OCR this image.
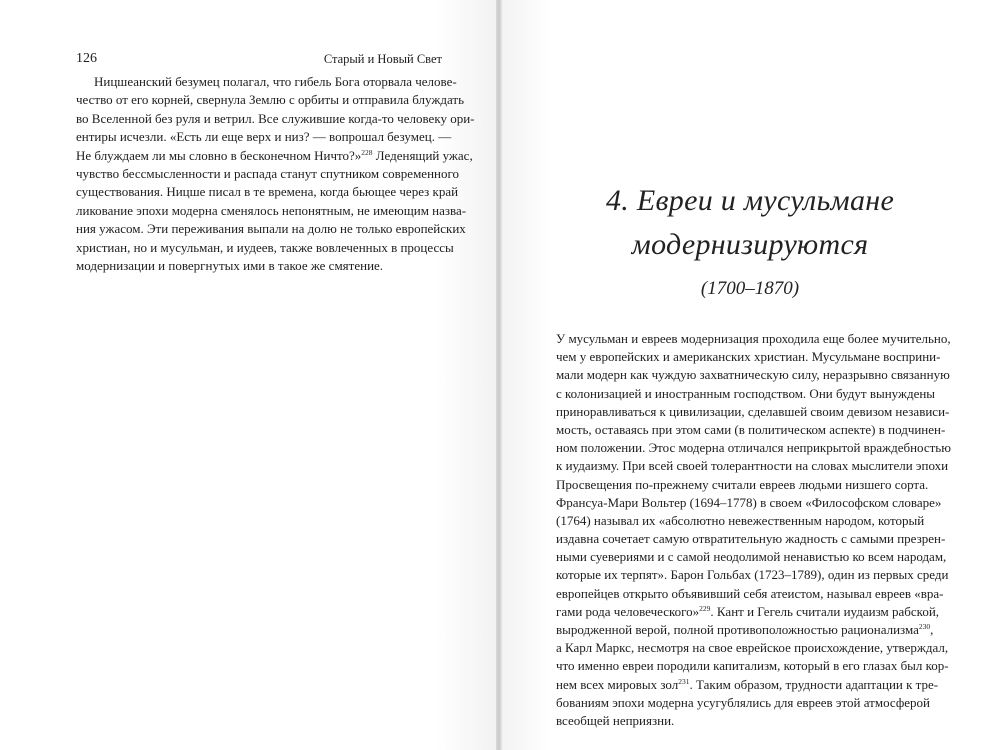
126	Старый и Новый Свет
Ницшеанский безумец полагал, что гибель Бога оторвала челове-
чество от его корней, свернула Землю с орбиты и отправила блуждать
во Вселенной без руля и ветрил. Все служившие когда-то человеку ори-
ентиры исчезли. «Есть ли еще верх и низ? — вопрошал безумец. —
Не блуждаем ли мы словно в бесконечном Ничто?»$^{228}$ Леденящий ужас,
чувство бессмысленности и распада станут спутником современного
существования. Ницше писал в те времена, когда бьющее через край
ликование эпохи модерна сменялось непонятным, не имеющим назва-
ния ужасом. Эти переживания выпали на долю не только европейских
христиан, но и мусульман, и иудеев, также вовлеченных в процессы
модернизации и повергнутых ими в такое же смятение.
4. Евреи и мусульмане
модернизируются
(1700–1870)
У мусульман и евреев модернизация проходила еще более мучительно,
чем у европейских и американских христиан. Мусульмане восприни-
мали модерн как чуждую захватническую силу, неразрывно связанную
с колонизацией и иностранным господством. Они будут вынуждены
приноравливаться к цивилизации, сделавшей своим девизом независи-
мость, оставаясь при этом сами (в политическом аспекте) в подчинен-
ном положении. Этос модерна отличался неприкрытой враждебностью
к иудаизму. При всей своей толерантности на словах мыслители эпохи
Просвещения по-прежнему считали евреев людьми низшего сорта.
Франсуа-Мари Вольтер (1694–1778) в своем «Философском словаре»
(1764) называл их «абсолютно невежественным народом, который
издавна сочетает самую отвратительную жадность с самыми презрен-
ными суевериями и с самой неодолимой ненавистью ко всем народам,
которые их терпят». Барон Гольбах (1723–1789), один из первых среди
европейцев открыто объявивший себя атеистом, называл евреев «вра-
гами рода человеческого»$^{229}$. Кант и Гегель считали иудаизм рабской,
выродженной верой, полной противоположностью рационализма$^{230}$,
а Карл Маркс, несмотря на свое еврейское происхождение, утверждал,
что именно евреи породили капитализм, который в его глазах был кор-
нем всех мировых зол$^{231}$. Таким образом, трудности адаптации к тре-
бованиям эпохи модерна усугублялись для евреев этой атмосферой
всеобщей неприязни.
